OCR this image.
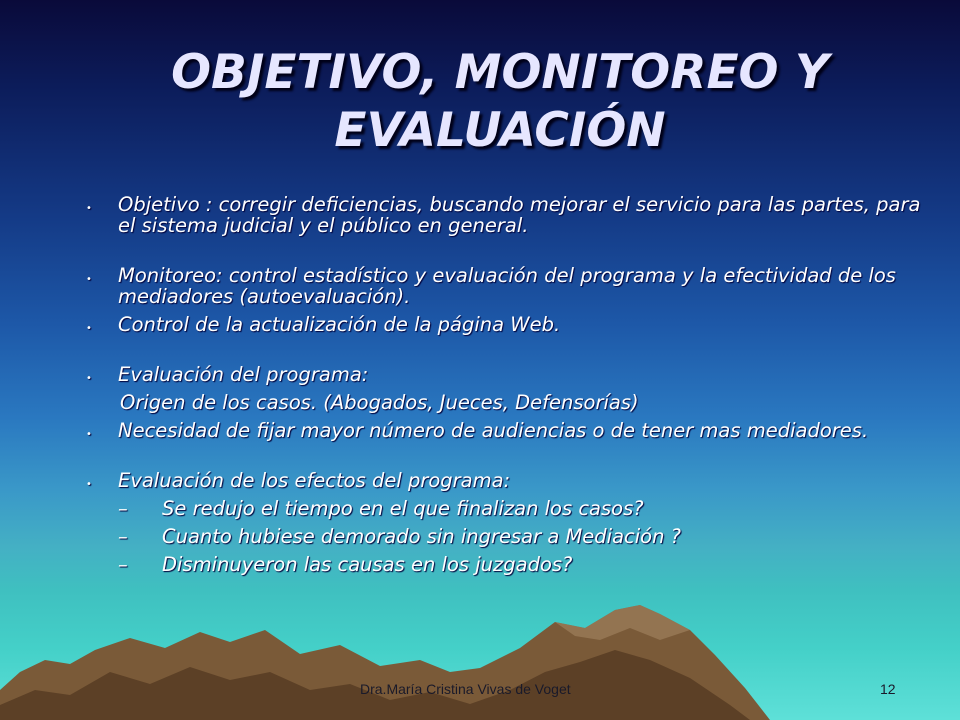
OBJETIVO, MONITOREO Y EVALUACIÓN
• Objetivo : corregir deficiencias, buscando mejorar el servicio para las partes, para el sistema judicial y el público en general.
• Monitoreo: control estadístico y evaluación del programa y la efectividad de los mediadores (autoevaluación).
• Control de la actualización de la página Web.
• Evaluación del programa:
Origen de los casos. (Abogados, Jueces, Defensorías)
• Necesidad de fijar mayor número de audiencias o de tener mas mediadores.
• Evaluación de los efectos del programa:
– Se redujo el tiempo en el que finalizan los casos?
– Cuanto hubiese demorado sin ingresar a Mediación ?
– Disminuyeron las causas en los juzgados?
Dra.María Cristina Vivas de Voget	12
